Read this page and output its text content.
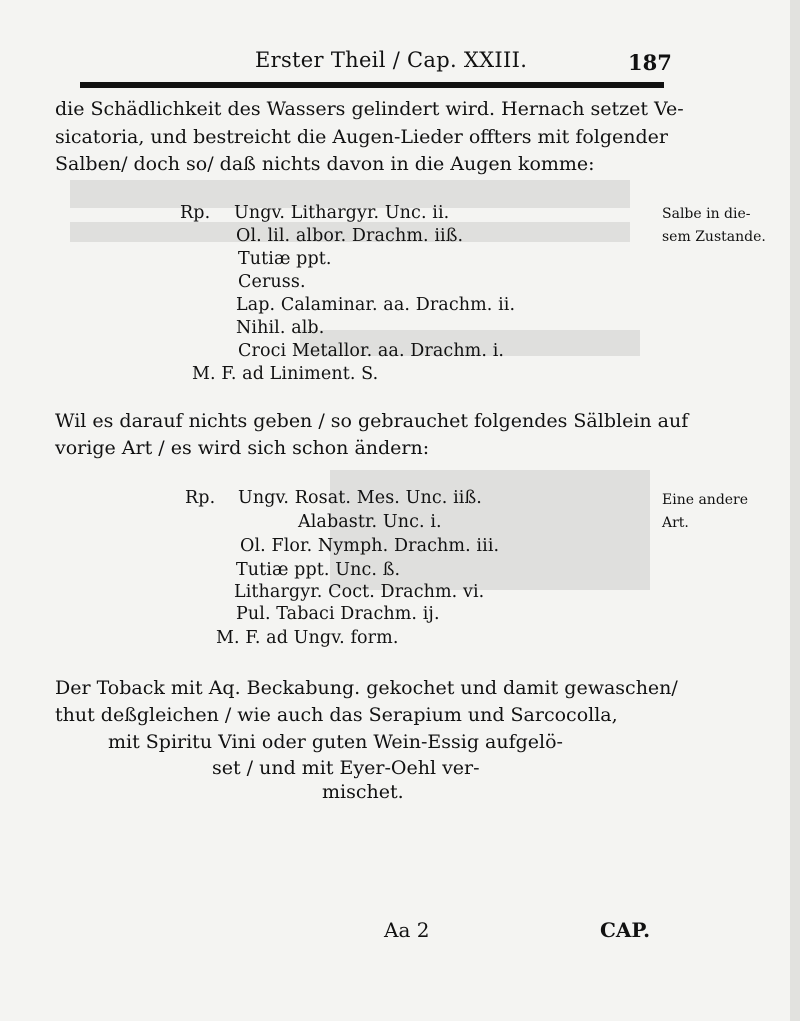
Erster Theil / Cap. XXIII.	187
die Schädlichkeit des Wassers gelindert wird. Hernach setzet Ve-
sicatoria, und bestreicht die Augen-Lieder offters mit folgender
Salben/ doch so/ daß nichts davon in die Augen komme:
Rp. Ungv. Lithargyr. Unc. ii.
Ol. lil. albor. Drachm. iiß.
Tutiæ ppt.
Ceruss.
Lap. Calaminar. aa. Drachm. ii.
Nihil. alb.
Croci Metallor. aa. Drachm. i.
M. F. ad Liniment. S.
Salbe in die-
sem Zustande.
Wil es darauf nichts geben / so gebrauchet folgendes Sälblein auf
vorige Art / es wird sich schon ändern:
Rp. Ungv. Rosat. Mes. Unc. iiß.
Alabastr. Unc. i.
Ol. Flor. Nymph. Drachm. iii.
Tutiæ ppt. Unc. ß.
Lithargyr. Coct. Drachm. vi.
Pul. Tabaci Drachm. ij.
M. F. ad Ungv. form.
Eine andere
Art.
Der Toback mit Aq. Beckabung. gekochet und damit gewaschen/
thut deßgleichen / wie auch das Serapium und Sarcocolla,
mit Spiritu Vini oder guten Wein-Essig aufgelö-
set / und mit Eyer-Oehl ver-
mischet.
Aa 2	CAP.
